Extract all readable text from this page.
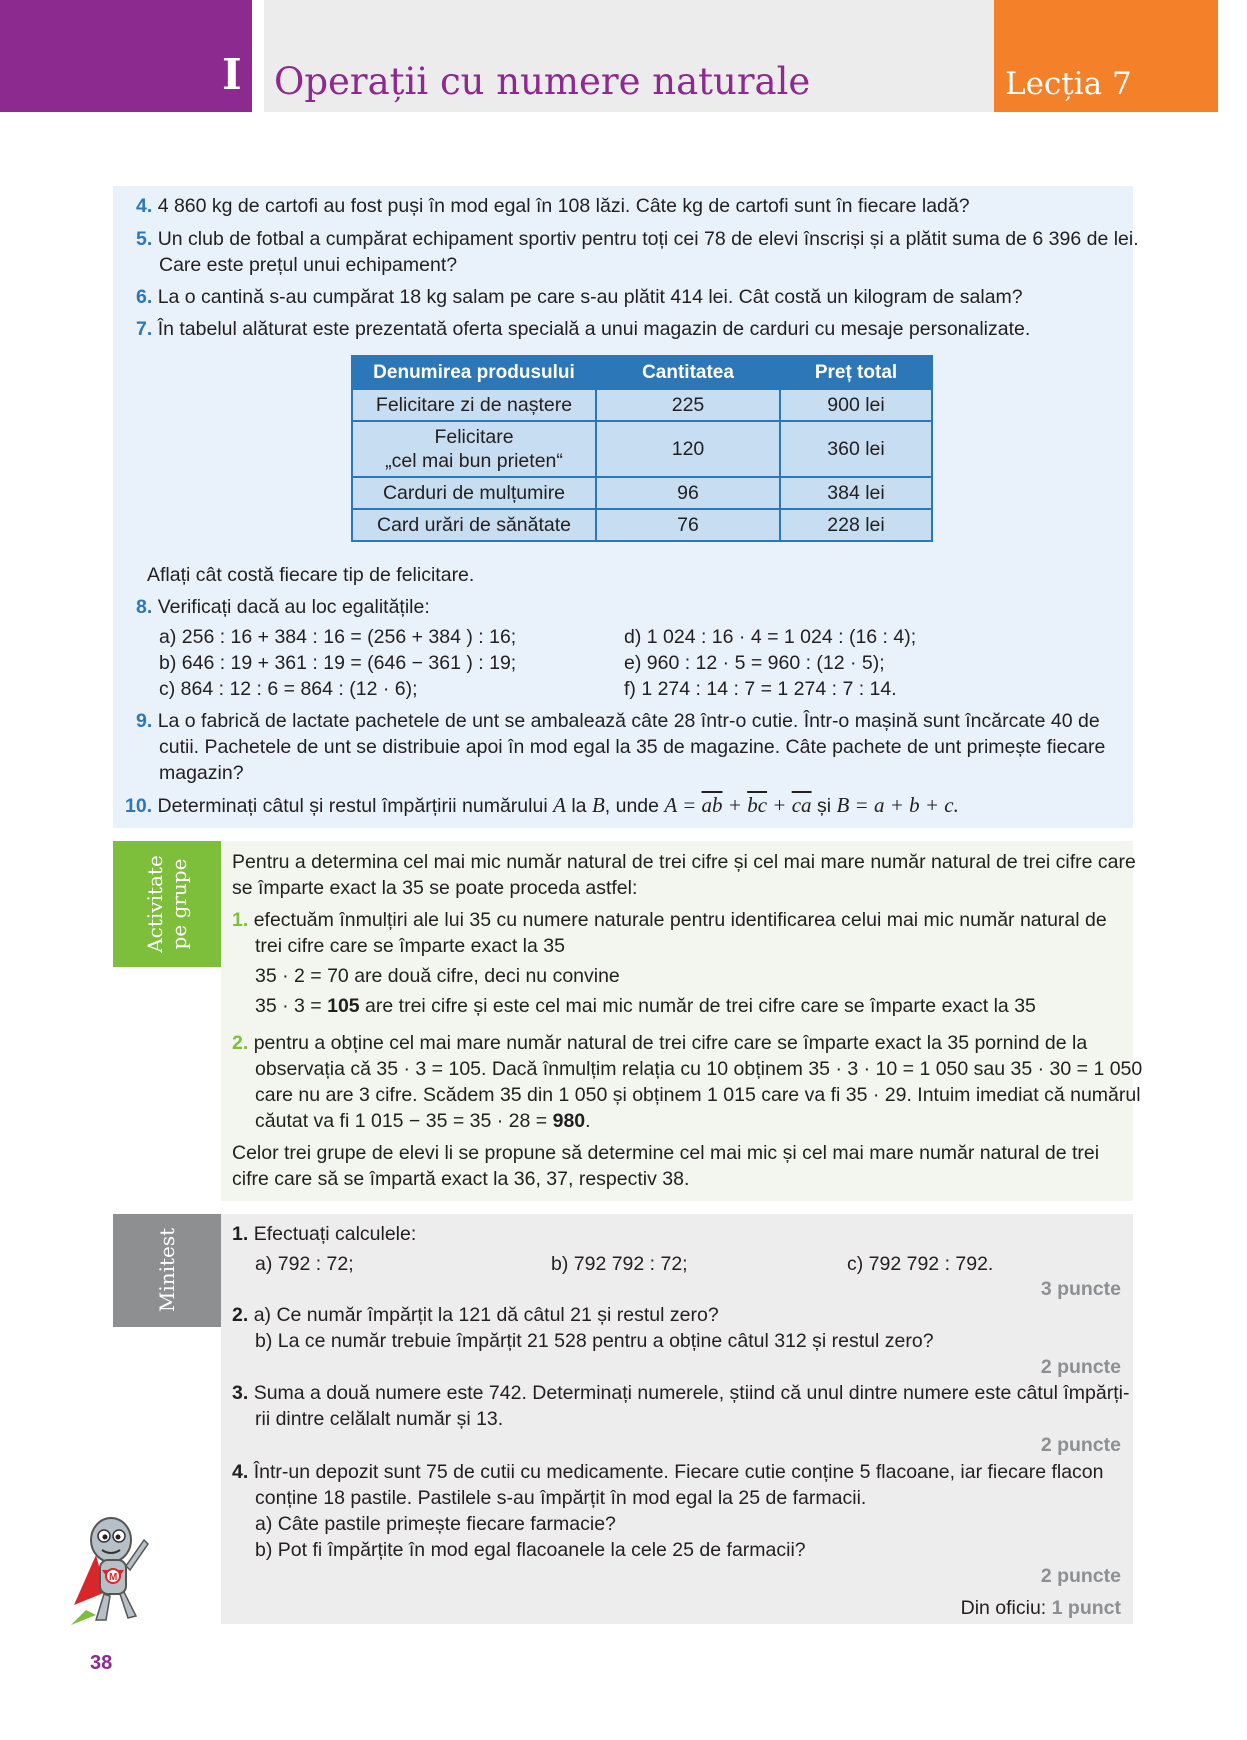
I Operații cu numere naturale	Lecția 7
4. 4 860 kg de cartofi au fost puși în mod egal în 108 lăzi. Câte kg de cartofi sunt în fiecare ladă?
5. Un club de fotbal a cumpărat echipament sportiv pentru toți cei 78 de elevi înscriși și a plătit suma de 6 396 de lei.
Care este prețul unui echipament?
6. La o cantină s-au cumpărat 18 kg salam pe care s-au plătit 414 lei. Cât costă un kilogram de salam?
7. În tabelul alăturat este prezentată oferta specială a unui magazin de carduri cu mesaje personalizate.
Denumirea produsului	Cantitatea	Preț total
Felicitare zi de naștere	225	900 lei
Felicitare
„cel mai bun prieten“	120	360 lei
Carduri de mulțumire	96	384 lei
Card urări de sănătate	76	228 lei
Aflați cât costă fiecare tip de felicitare.
8. Verificați dacă au loc egalitățile:
a) 256 : 16 + 384 : 16 = (256 + 384 ) : 16;
b) 646 : 19 + 361 : 19 = (646 − 361 ) : 19;
c) 864 : 12 : 6 = 864 : (12 · 6);
d) 1 024 : 16 · 4 = 1 024 : (16 : 4);
e) 960 : 12 · 5 = 960 : (12 · 5);
f) 1 274 : 14 : 7 = 1 274 : 7 : 14.
9. La o fabrică de lactate pachetele de unt se ambalează câte 28 într-o cutie. Într-o mașină sunt încărcate 40 de
cutii. Pachetele de unt se distribuie apoi în mod egal la 35 de magazine. Câte pachete de unt primește fiecare
magazin?
10. Determinați câtul și restul împărțirii numărului A la B, unde $A = \overline{ab} + \overline{bc} + \overline{ca}$ și B = a + b + c.
Activitate
pe grupe Pentru a determina cel mai mic număr natural de trei cifre și cel mai mare număr natural de trei cifre care
se împarte exact la 35 se poate proceda astfel:
1. efectuăm înmulțiri ale lui 35 cu numere naturale pentru identificarea celui mai mic număr natural de
trei cifre care se împarte exact la 35
35 · 2 = 70 are două cifre, deci nu convine
35 · 3 = 105 are trei cifre și este cel mai mic număr de trei cifre care se împarte exact la 35
2. pentru a obține cel mai mare număr natural de trei cifre care se împarte exact la 35 pornind de la
observația că 35 · 3 = 105. Dacă înmulțim relația cu 10 obținem 35 · 3 · 10 = 1 050 sau 35 · 30 = 1 050
care nu are 3 cifre. Scădem 35 din 1 050 și obținem 1 015 care va fi 35 · 29. Intuim imediat că numărul
căutat va fi 1 015 − 35 = 35 · 28 = 980.
Celor trei grupe de elevi li se propune să determine cel mai mic și cel mai mare număr natural de trei
cifre care să se împartă exact la 36, 37, respectiv 38.
Minitest	1. Efectuați calculele:
a) 792 : 72;	b) 792 792 : 72;	c) 792 792 : 792.
3 puncte
2. a) Ce număr împărțit la 121 dă câtul 21 și restul zero?
b) La ce număr trebuie împărțit 21 528 pentru a obține câtul 312 și restul zero?
2 puncte
3. Suma a două numere este 742. Determinați numerele, știind că unul dintre numere este câtul împărți-
rii dintre celălalt număr și 13.
2 puncte
4. Într-un depozit sunt 75 de cutii cu medicamente. Fiecare cutie conține 5 flacoane, iar fiecare flacon
conține 18 pastile. Pastilele s-au împărțit în mod egal la 25 de farmacii.
a) Câte pastile primește fiecare farmacie?
b) Pot fi împărțite în mod egal flacoanele la cele 25 de farmacii?
2 puncte
Din oficiu: 1 punct
M
38
